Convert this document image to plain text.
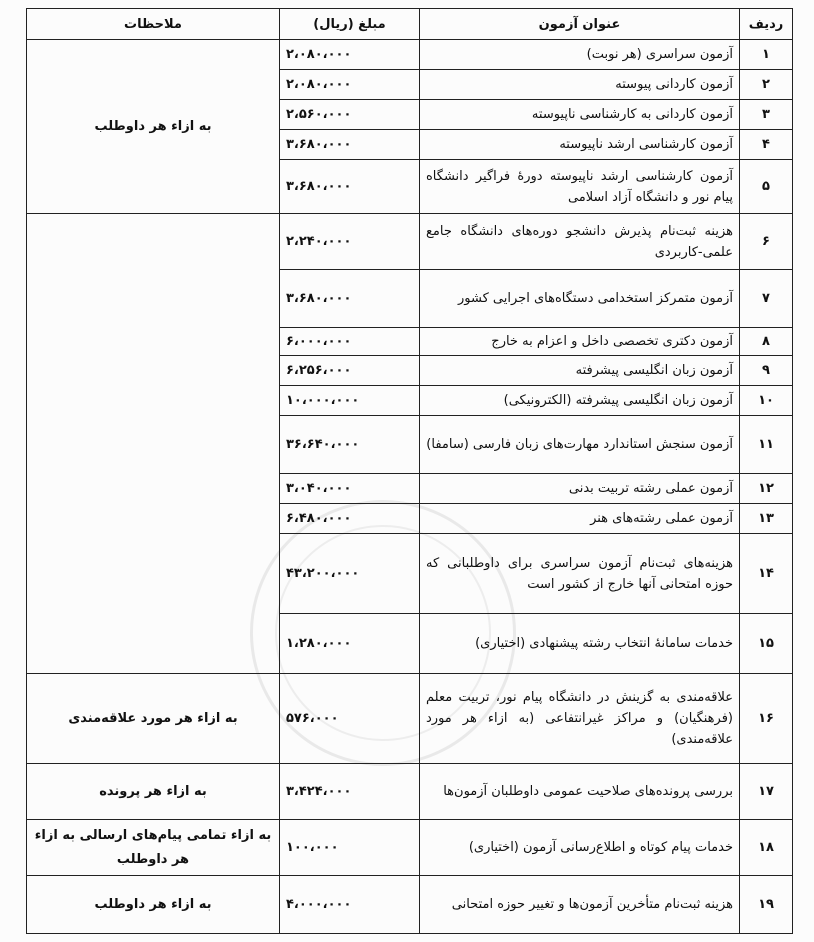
ردیف	عنوان آزمون	مبلغ (ریال)	ملاحظات
۱	آزمون سراسری (هر نوبت)	۲،۰۸۰،۰۰۰	به ازاء هر داوطلب
۲	آزمون کاردانی پیوسته	۲،۰۸۰،۰۰۰	
۳	آزمون کاردانی به کارشناسی ناپیوسته	۲،۵۶۰،۰۰۰	
۴	آزمون کارشناسی ارشد ناپیوسته	۳،۶۸۰،۰۰۰	
۵	آزمون کارشناسی ارشد ناپیوسته دورهٔ فراگیر دانشگاه پیام نور و دانشگاه آزاد اسلامی	۳،۶۸۰،۰۰۰	
۶	هزینه ثبت‌نام پذیرش دانشجو دوره‌های دانشگاه جامع علمی-کاربردی	۲،۲۴۰،۰۰۰	
۷	آزمون متمرکز استخدامی دستگاه‌های اجرایی کشور	۳،۶۸۰،۰۰۰	
۸	آزمون دکتری تخصصی داخل و اعزام به خارج	۶،۰۰۰،۰۰۰	
۹	آزمون زبان انگلیسی پیشرفته	۶،۲۵۶،۰۰۰	
۱۰	آزمون زبان انگلیسی پیشرفته (الکترونیکی)	۱۰،۰۰۰،۰۰۰	
۱۱	آزمون سنجش استاندارد مهارت‌های زبان فارسی (سامفا)	۳۶،۶۴۰،۰۰۰	
۱۲	آزمون عملی رشته تربیت بدنی	۳،۰۴۰،۰۰۰	
۱۳	آزمون عملی رشته‌های هنر	۶،۴۸۰،۰۰۰	
۱۴	هزینه‌های ثبت‌نام آزمون سراسری برای داوطلبانی که حوزه امتحانی آنها خارج از کشور است	۴۳،۲۰۰،۰۰۰	
۱۵	خدمات سامانهٔ انتخاب رشته پیشنهادی (اختیاری)	۱،۲۸۰،۰۰۰	
۱۶	علاقه‌مندی به گزینش در دانشگاه پیام نور، تربیت معلم (فرهنگیان) و مراکز غیرانتفاعی (به ازاء هر مورد علاقه‌مندی)	۵۷۶،۰۰۰	به ازاء هر مورد علاقه‌مندی
۱۷	بررسی پرونده‌های صلاحیت عمومی داوطلبان آزمون‌ها	۳،۴۲۴،۰۰۰	به ازاء هر پرونده
۱۸	خدمات پیام کوتاه و اطلاع‌رسانی آزمون (اختیاری)	۱۰۰،۰۰۰	به ازاء تمامی پیام‌های ارسالی به ازاء هر داوطلب
۱۹	هزینه ثبت‌نام متأخرین آزمون‌ها و تغییر حوزه امتحانی	۴،۰۰۰،۰۰۰	به ازاء هر داوطلب
